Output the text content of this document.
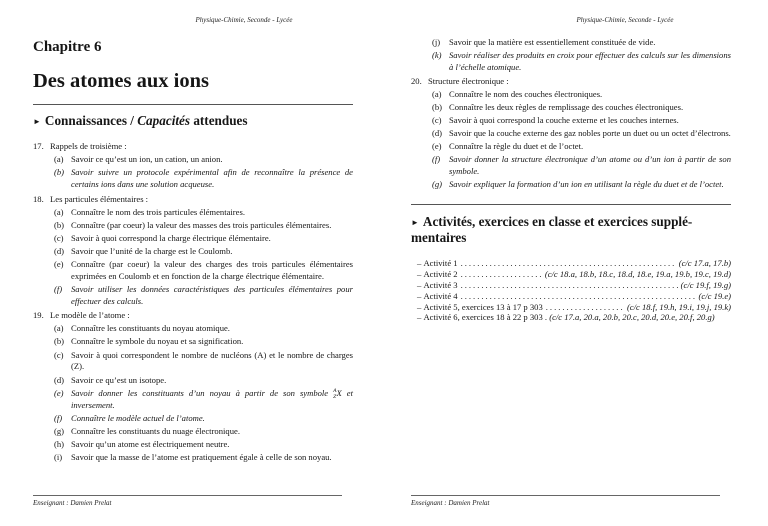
Physique-Chimie, Seconde - Lycée
Chapitre 6
Des atomes aux ions
► Connaissances / Capacités attendues
17. Rappels de troisième :
(a) Savoir ce qu’est un ion, un cation, un anion.
(b) Savoir suivre un protocole expérimental afin de reconnaître la présence de certains ions dans une solution acqueuse.
18. Les particules élémentaires :
(a) Connaître le nom des trois particules élémentaires.
(b) Connaître (par coeur) la valeur des masses des trois particules élémentaires.
(c) Savoir à quoi correspond la charge électrique élémentaire.
(d) Savoir que l’unité de la charge est le Coulomb.
(e) Connaître (par coeur) la valeur des charges des trois particules élémentaires exprimées en Coulomb et en fonction de la charge électrique élémentaire.
(f) Savoir utiliser les données caractéristiques des particules élémentaires pour effectuer des calculs.
19. Le modèle de l’atome :
(a) Connaître les constituants du noyau atomique.
(b) Connaître le symbole du noyau et sa signification.
(c) Savoir à quoi correspondent le nombre de nucléons (A) et le nombre de charges (Z).
(d) Savoir ce qu’est un isotope.
(e) Savoir donner les constituants d’un noyau à partir de son symbole A
Z X et inversement.
(f) Connaître le modèle actuel de l’atome.
(g) Connaître les constituants du nuage électronique.
(h) Savoir qu’un atome est électriquement neutre.
(i) Savoir que la masse de l’atome est pratiquement égale à celle de son noyau.
Enseignant : Damien Prelat
Physique-Chimie, Seconde - Lycée
(j) Savoir que la matière est essentiellement constituée de vide.
(k) Savoir réaliser des produits en croix pour effectuer des calculs sur les dimensions à l’échelle atomique.
20. Structure électronique :
(a) Connaître le nom des couches électroniques.
(b) Connaître les deux règles de remplissage des couches électroniques.
(c) Savoir à quoi correspond la couche externe et les couches internes.
(d) Savoir que la couche externe des gaz nobles porte un duet ou un octet d’électrons.
(e) Connaître la règle du duet et de l’octet.
(f) Savoir donner la structure électronique d’un atome ou d’un ion à partir de son symbole.
(g) Savoir expliquer la formation d’un ion en utilisant la règle du duet et de l’octet.
► Activités, exercices en classe et exercices supplémentaires
– Activité 1 .....	(c/c 17.a, 17.b)
– Activité 2 .....	(c/c 18.a, 18.b, 18.c, 18.d, 18.e, 19.a, 19.b, 19.c, 19.d)
– Activité 3 .....	(c/c 19.f, 19.g)
– Activité 4 .....	(c/c 19.e)
– Activité 5, exercices 13 à 17 p 303 .....	(c/c 18.f, 19.h, 19.i, 19.j, 19.k)
– Activité 6, exercices 18 à 22 p 303 . (c/c 17.a, 20.a, 20.b, 20.c, 20.d, 20.e, 20.f, 20.g)
Enseignant : Damien Prelat
